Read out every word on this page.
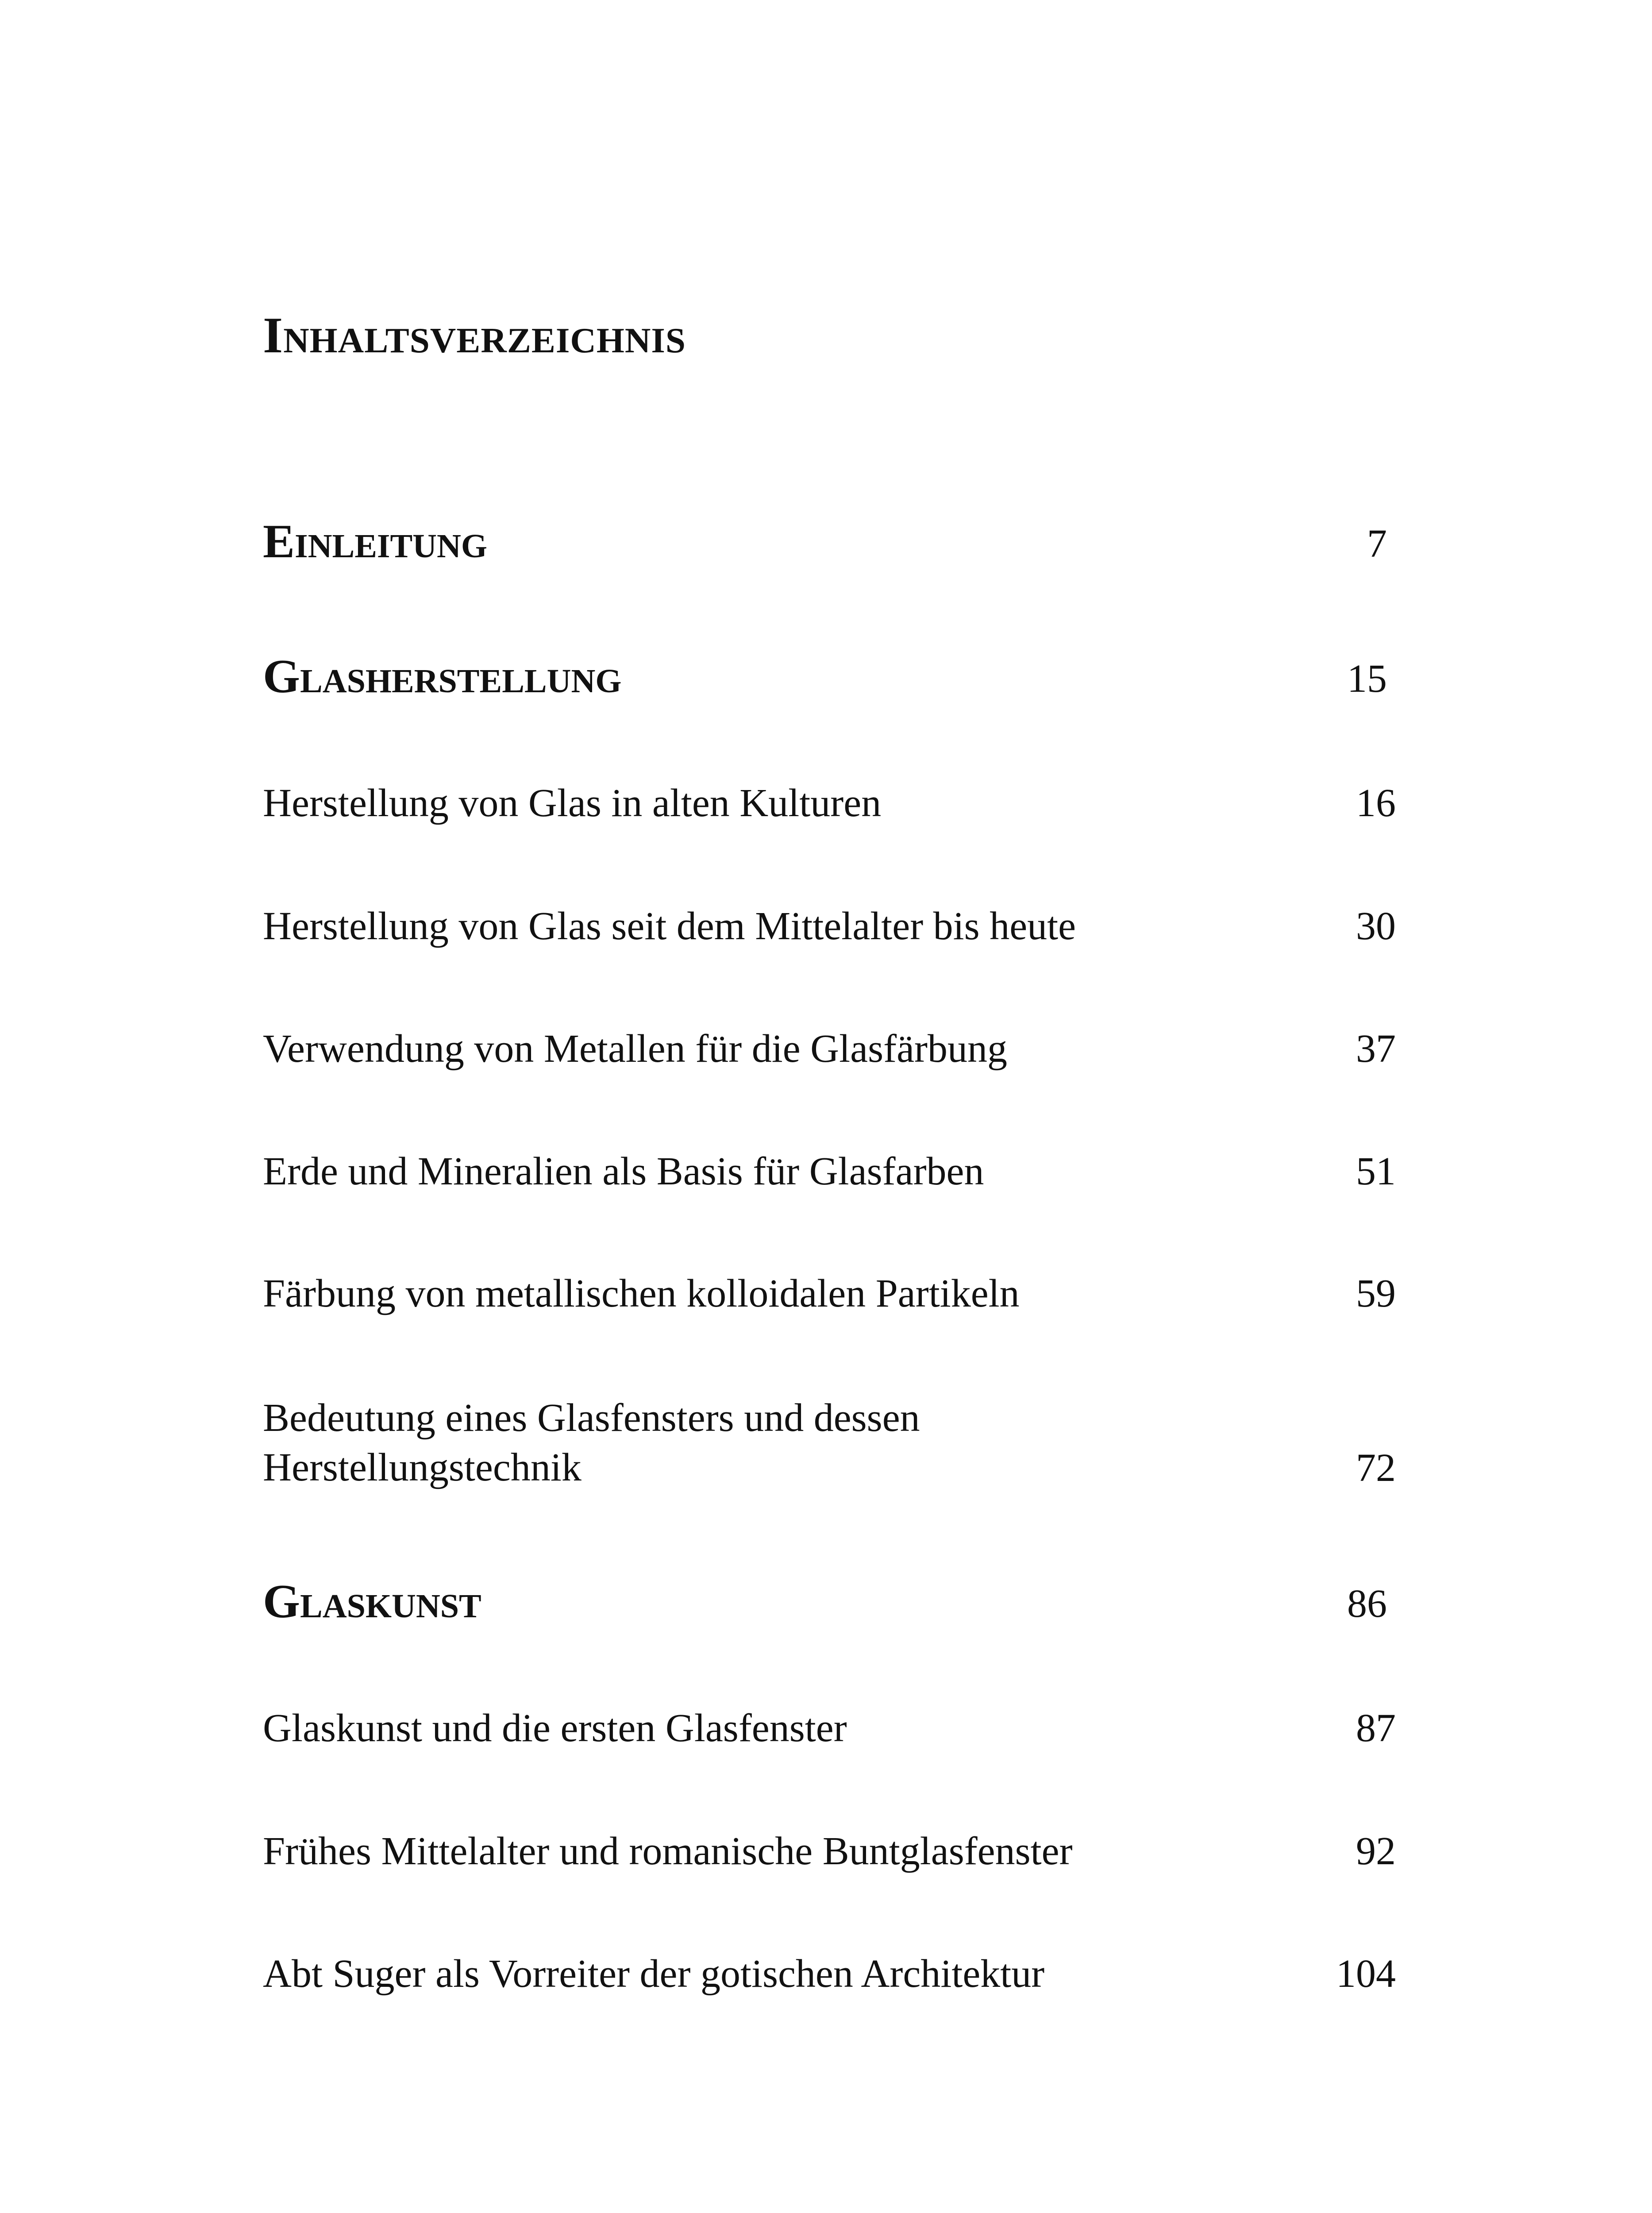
Inhaltsverzeichnis
Einleitung	7
Glasherstellung	15
Herstellung von Glas in alten Kulturen	16
Herstellung von Glas seit dem Mittelalter bis heute	30
Verwendung von Metallen für die Glasfärbung	37
Erde und Mineralien als Basis für Glasfarben	51
Färbung von metallischen kolloidalen Partikeln	59
Bedeutung eines Glasfensters und dessen
Herstellungstechnik	72
Glaskunst	86
Glaskunst und die ersten Glasfenster	87
Frühes Mittelalter und romanische Buntglasfenster	92
Abt Suger als Vorreiter der gotischen Architektur	104
